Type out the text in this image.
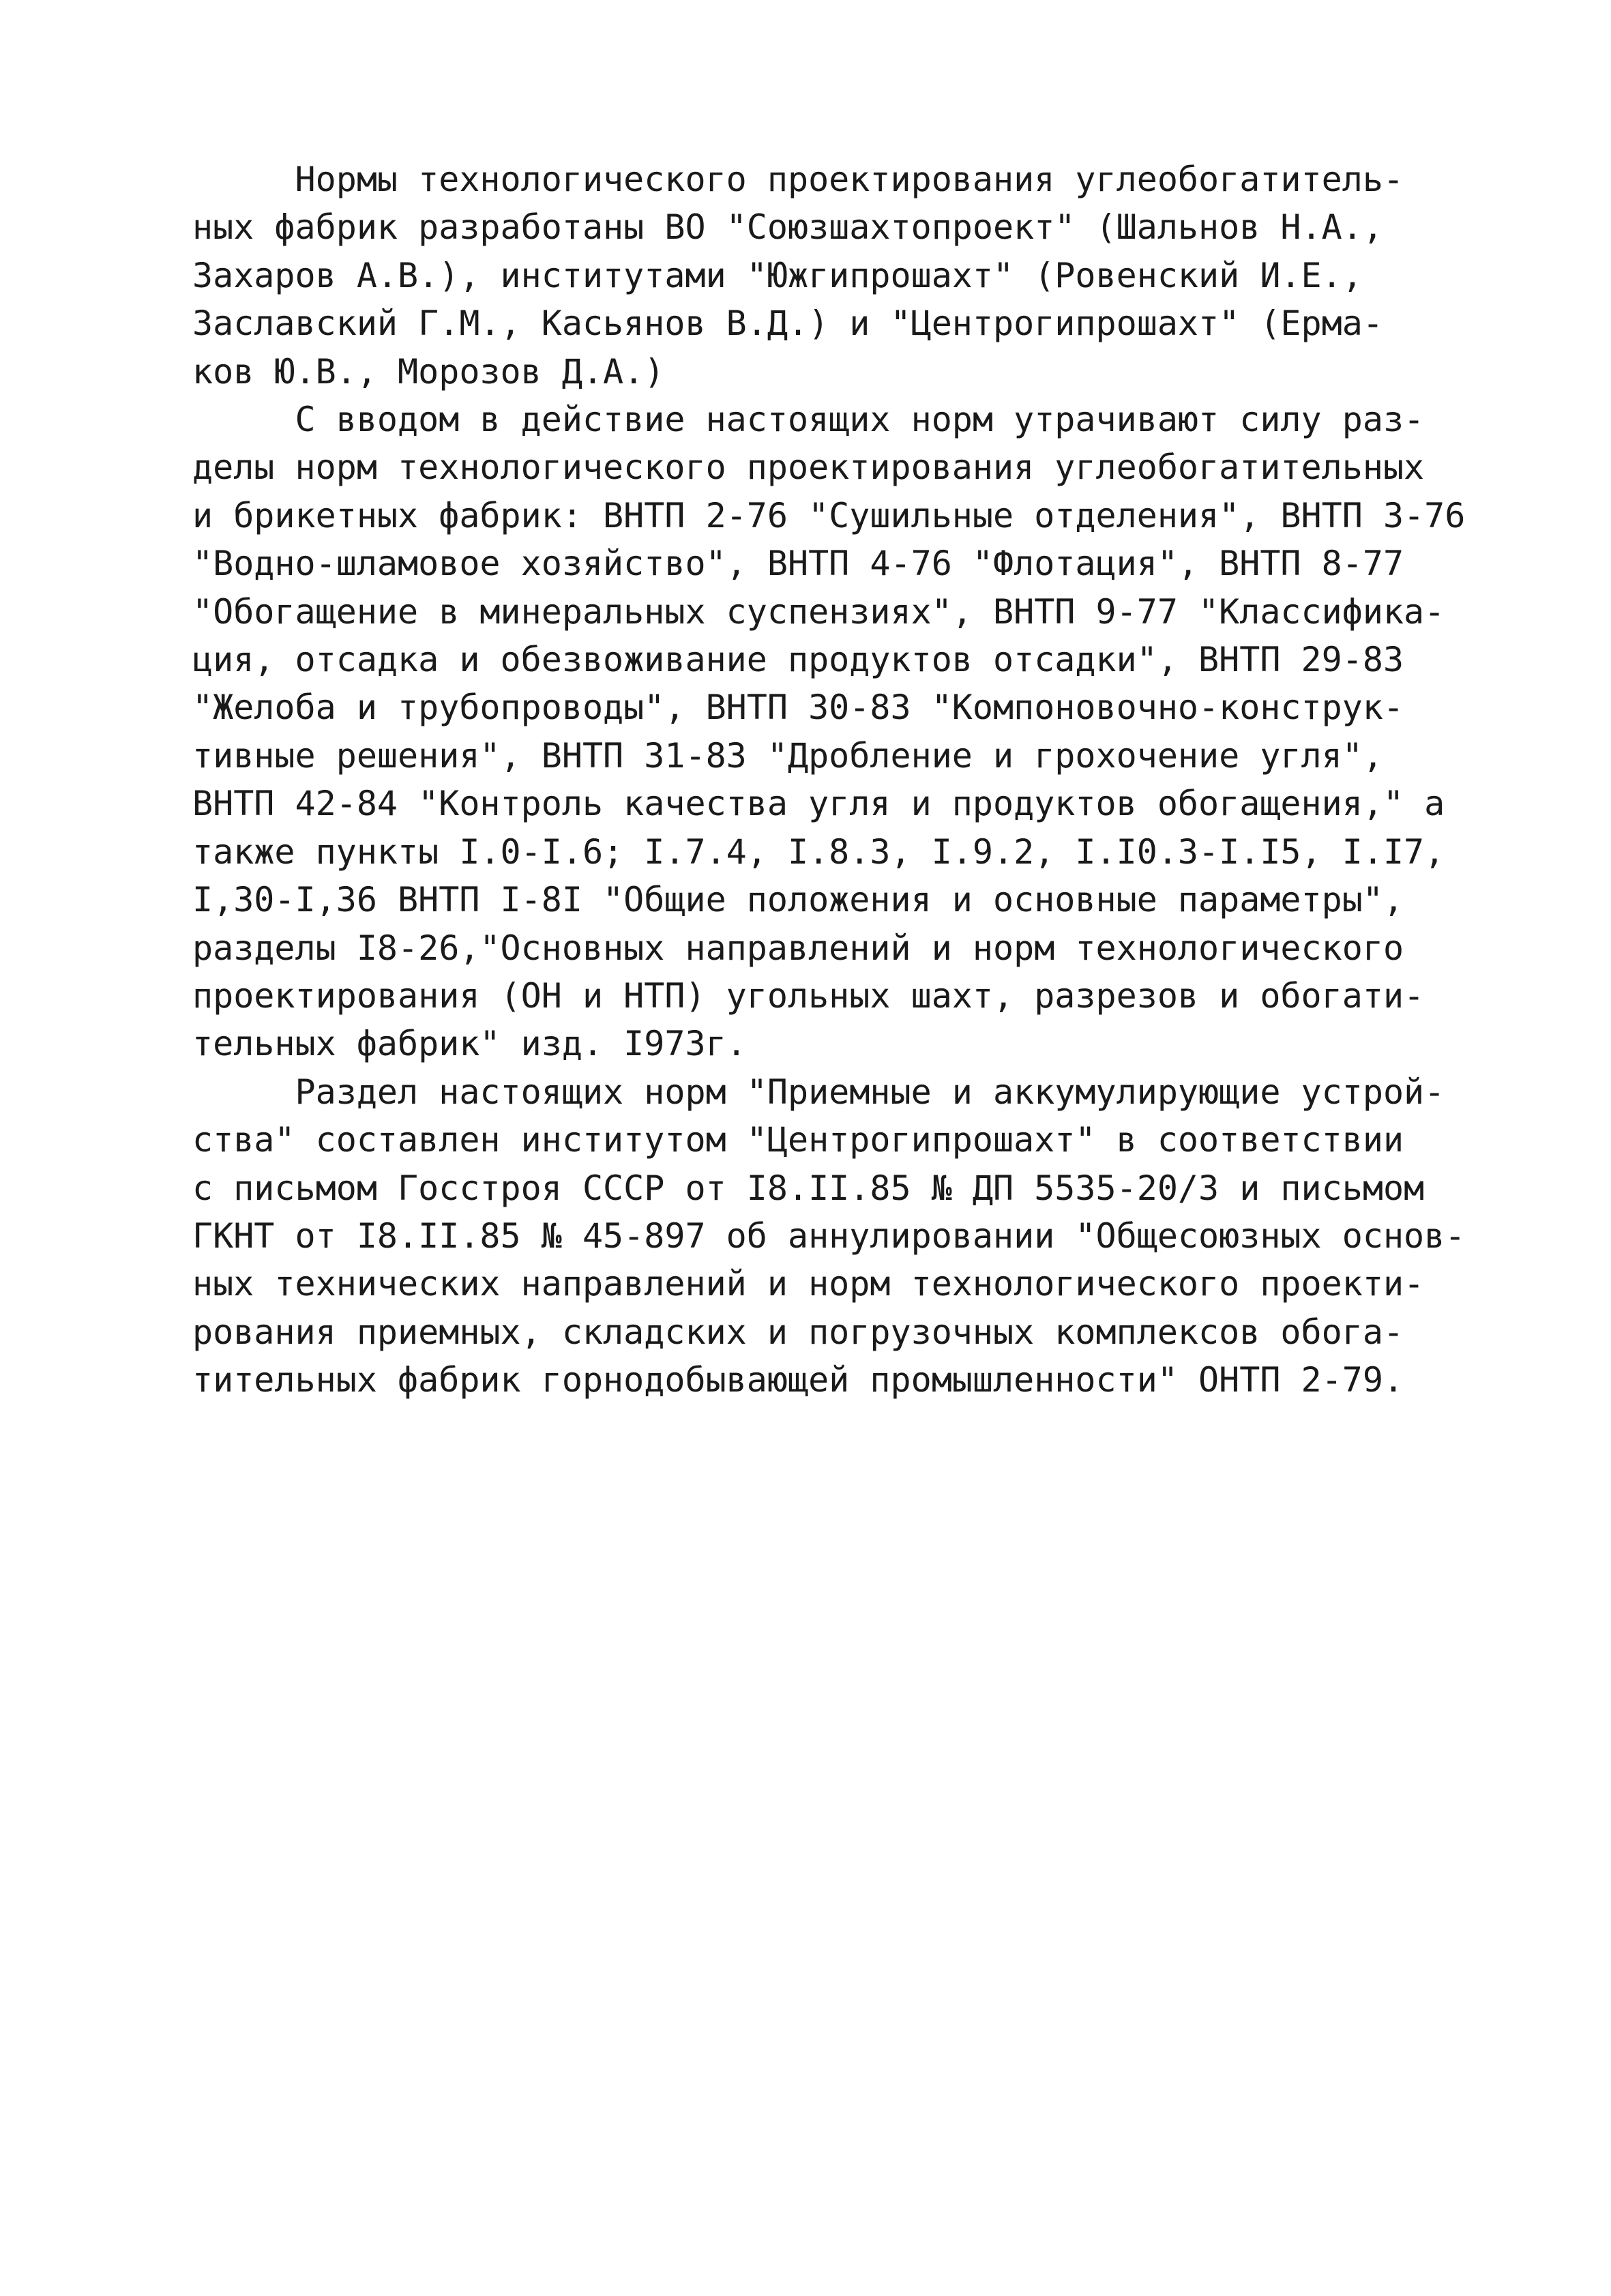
Нормы технологического проектирования углеобогатитель-
ных фабрик разработаны ВО "Союзшахтопроект" (Шальнов Н.А.,
Захаров А.В.), институтами "Южгипрошахт" (Ровенский И.Е.,
Заславский Г.М., Касьянов В.Д.) и "Центрогипрошахт" (Ерма-
ков Ю.В., Морозов Д.А.)
С вводом в действие настоящих норм утрачивают силу раз-
делы норм технологического проектирования углеобогатительных
и брикетных фабрик: ВНТП 2-76 "Сушильные отделения", ВНТП 3-76
"Водно-шламовое хозяйство", ВНТП 4-76 "Флотация", ВНТП 8-77
"Обогащение в минеральных суспензиях", ВНТП 9-77 "Классифика-
ция, отсадка и обезвоживание продуктов отсадки", ВНТП 29-83
"Желоба и трубопроводы", ВНТП 30-83 "Компоновочно-конструк-
тивные решения", ВНТП 31-83 "Дробление и грохочение угля",
ВНТП 42-84 "Контроль качества угля и продуктов обогащения," а
также пункты I.0-I.6; I.7.4, I.8.3, I.9.2, I.I0.3-I.I5, I.I7,
I,30-I,36 ВНТП I-8I "Общие положения и основные параметры",
разделы I8-26,"Основных направлений и норм технологического
проектирования (ОН и НТП) угольных шахт, разрезов и обогати-
тельных фабрик" изд. I973г.
Раздел настоящих норм "Приемные и аккумулирующие устрой-
ства" составлен институтом "Центрогипрошахт" в соответствии
с письмом Госстроя СССР от I8.II.85 № ДП 5535-20/3 и письмом
ГКНТ от I8.II.85 № 45-897 об аннулировании "Общесоюзных основ-
ных технических направлений и норм технологического проекти-
рования приемных, складских и погрузочных комплексов обога-
тительных фабрик горнодобывающей промышленности" ОНТП 2-79.
